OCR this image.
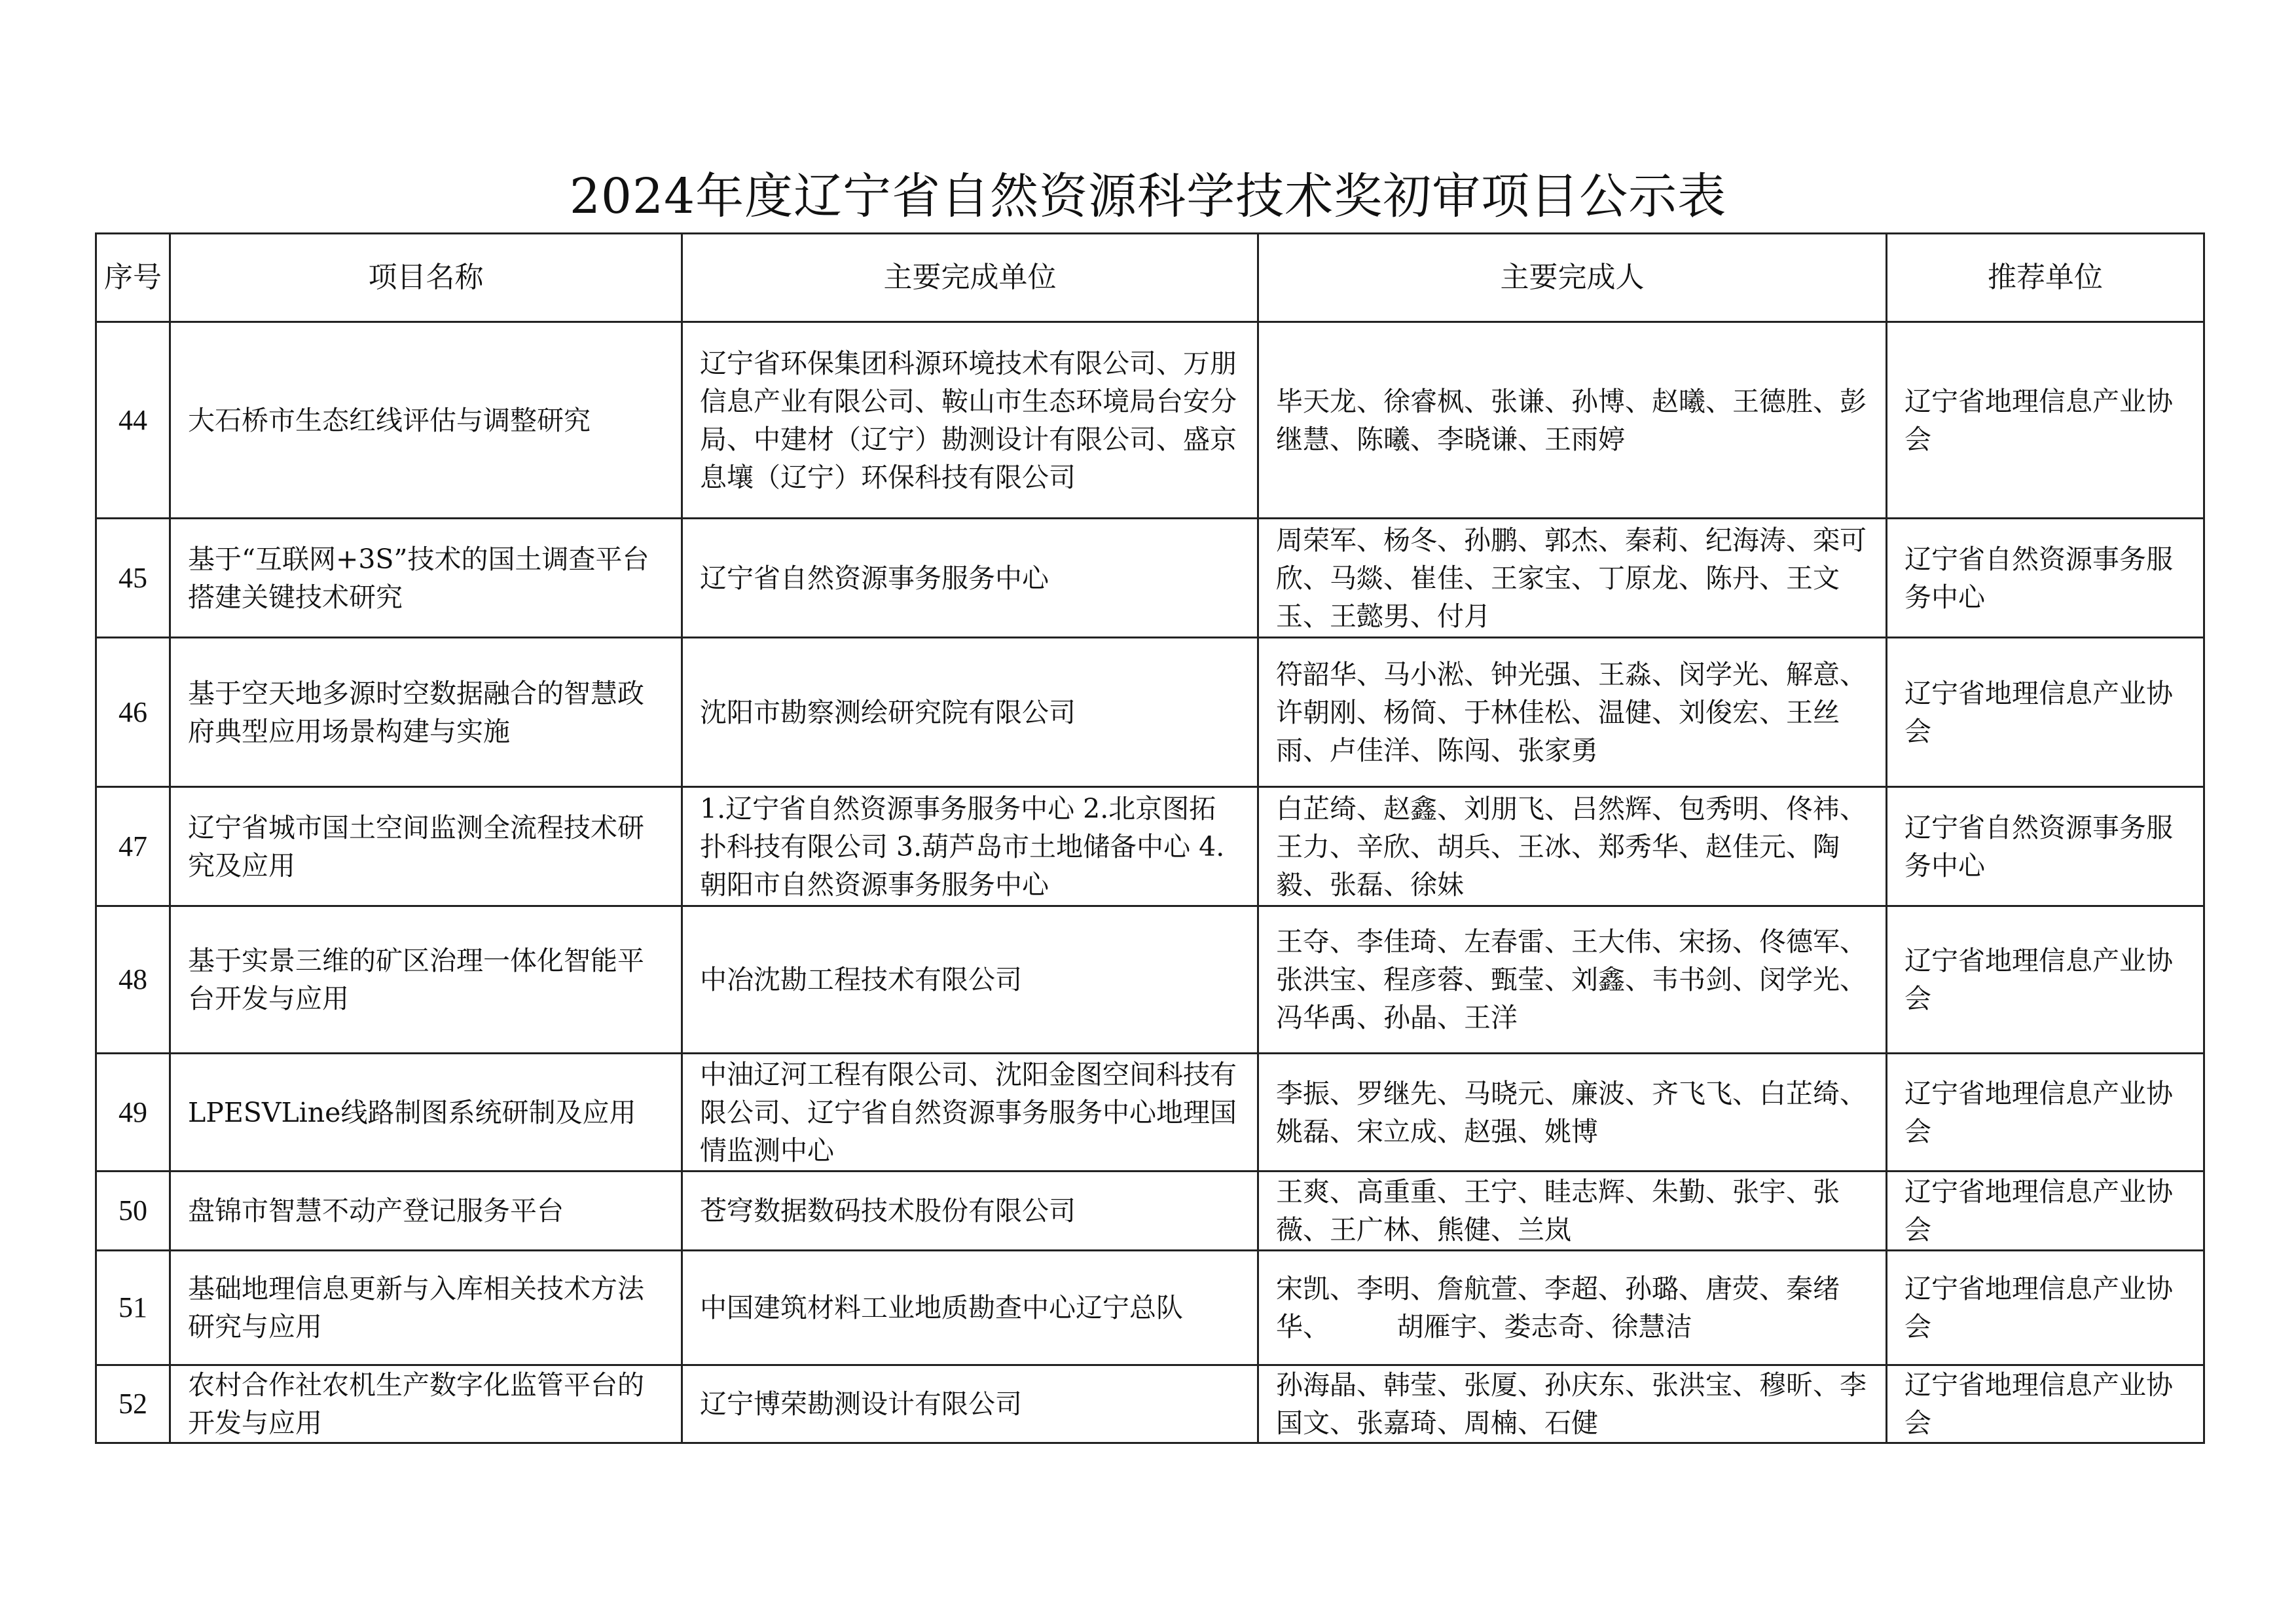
2024年度辽宁省自然资源科学技术奖初审项目公示表
序号	项目名称	主要完成单位	主要完成人	推荐单位
44	大石桥市生态红线评估与调整研究	辽宁省环保集团科源环境技术有限公司、万朋信息产业有限公司、鞍山市生态环境局台安分局、中建材（辽宁）勘测设计有限公司、盛京息壤（辽宁）环保科技有限公司	毕天龙、徐睿枫、张谦、孙博、赵曦、王德胜、彭继慧、陈曦、李晓谦、王雨婷	辽宁省地理信息产业协会
45	基于“互联网+3S”技术的国土调查平台搭建关键技术研究	辽宁省自然资源事务服务中心	周荣军、杨冬、孙鹏、郭杰、秦莉、纪海涛、栾可欣、马燚、崔佳、王家宝、丁原龙、陈丹、王文玉、王懿男、付月	辽宁省自然资源事务服务中心
46	基于空天地多源时空数据融合的智慧政府典型应用场景构建与实施	沈阳市勘察测绘研究院有限公司	符韶华、马小淞、钟光强、王淼、闵学光、解意、许朝刚、杨简、于林佳松、温健、刘俊宏、王丝雨、卢佳洋、陈闯、张家勇	辽宁省地理信息产业协会
47	辽宁省城市国土空间监测全流程技术研究及应用	1.辽宁省自然资源事务服务中心 2.北京图拓扑科技有限公司 3.葫芦岛市土地储备中心 4.朝阳市自然资源事务服务中心	白芷绮、赵鑫、刘朋飞、吕然辉、包秀明、佟祎、王力、辛欣、胡兵、王冰、郑秀华、赵佳元、陶毅、张磊、徐妹	辽宁省自然资源事务服务中心
48	基于实景三维的矿区治理一体化智能平台开发与应用	中冶沈勘工程技术有限公司	王夺、李佳琦、左春雷、王大伟、宋扬、佟德军、张洪宝、程彦蓉、甄莹、刘鑫、韦书剑、闵学光、冯华禹、孙晶、王洋	辽宁省地理信息产业协会
49	LPESVLine线路制图系统研制及应用	中油辽河工程有限公司、沈阳金图空间科技有限公司、辽宁省自然资源事务服务中心地理国情监测中心	李振、罗继先、马晓元、廉波、齐飞飞、白芷绮、姚磊、宋立成、赵强、姚博	辽宁省地理信息产业协会
50	盘锦市智慧不动产登记服务平台	苍穹数据数码技术股份有限公司	王爽、高重重、王宁、眭志辉、朱勤、张宇、张薇、王广林、熊健、兰岚	辽宁省地理信息产业协会
51	基础地理信息更新与入库相关技术方法研究与应用	中国建筑材料工业地质勘查中心辽宁总队	宋凯、李明、詹航萱、李超、孙璐、唐荧、秦绪华、　　　胡雁宇、娄志奇、徐慧洁	辽宁省地理信息产业协会
52	农村合作社农机生产数字化监管平台的开发与应用	辽宁博荣勘测设计有限公司	孙海晶、韩莹、张厦、孙庆东、张洪宝、穆昕、李国文、张嘉琦、周楠、石健	辽宁省地理信息产业协会
